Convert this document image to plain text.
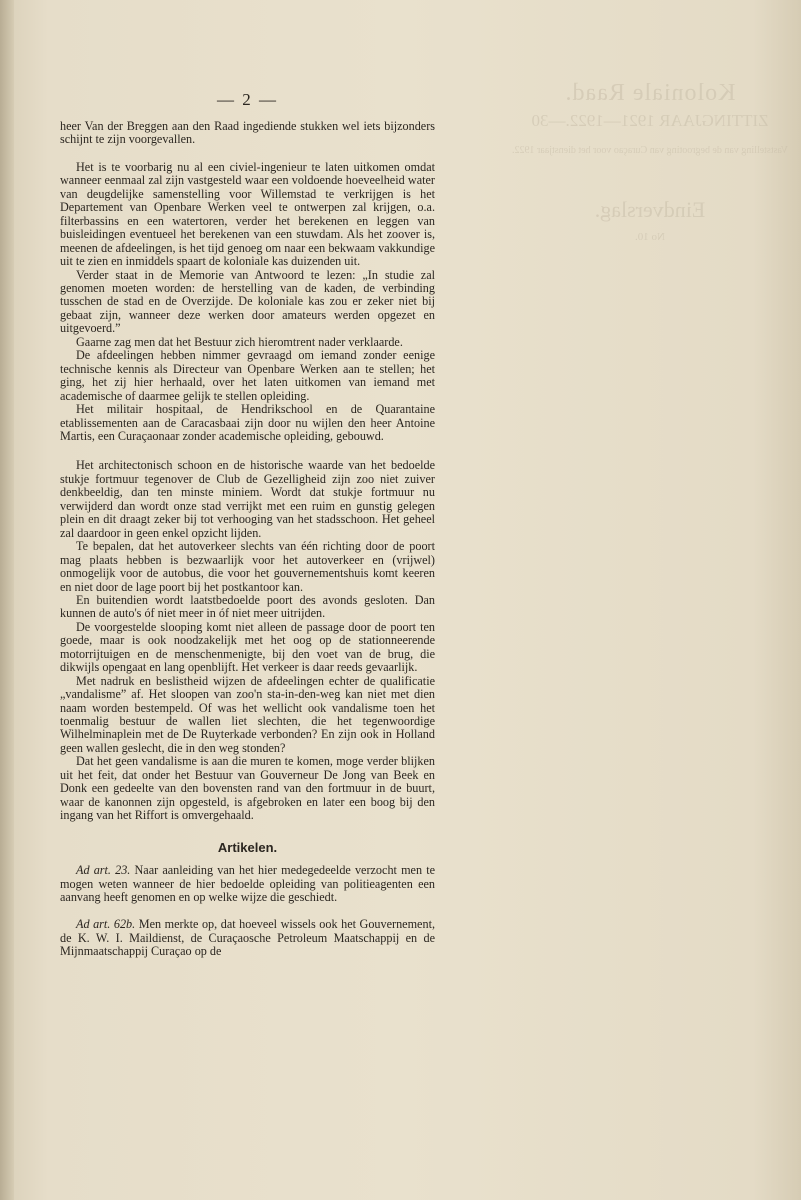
Koloniale Raad.
ZITTINGJAAR 1921—1922.—30
Vaststelling van de begrooting van Curaçao voor het dienstjaar 1922.
Eindverslag.
No 10.
— 2 —

heer Van der Breggen aan den Raad ingediende stukken wel iets bijzonders schijnt te zijn voorgevallen.

Het is te voorbarig nu al een civiel-ingenieur te laten uitkomen omdat wanneer eenmaal zal zijn vastgesteld waar een voldoende hoeveelheid water van deugdelijke samenstelling voor Willemstad te verkrijgen is het Departement van Openbare Werken veel te ontwerpen zal krijgen, o.a. filterbassins en een watertoren, verder het berekenen en leggen van buisleidingen eventueel het berekenen van een stuwdam. Als het zoover is, meenen de afdeelingen, is het tijd genoeg om naar een bekwaam vakkundige uit te zien en inmiddels spaart de koloniale kas duizenden uit.

Verder staat in de Memorie van Antwoord te lezen: „In studie zal genomen moeten worden: de herstelling van de kaden, de verbinding tusschen de stad en de Overzijde. De koloniale kas zou er zeker niet bij gebaat zijn, wanneer deze werken door amateurs werden opgezet en uitgevoerd.”

Gaarne zag men dat het Bestuur zich hieromtrent nader verklaarde.

De afdeelingen hebben nimmer gevraagd om iemand zonder eenige technische kennis als Directeur van Openbare Werken aan te stellen; het ging, het zij hier herhaald, over het laten uitkomen van iemand met academische of daarmee gelijk te stellen opleiding.

Het militair hospitaal, de Hendrikschool en de Quarantaine etablissementen aan de Caracasbaai zijn door nu wijlen den heer Antoine Martis, een Curaçaonaar zonder academische opleiding, gebouwd.

Het architectonisch schoon en de historische waarde van het bedoelde stukje fortmuur tegenover de Club de Gezelligheid zijn zoo niet zuiver denkbeeldig, dan ten minste miniem. Wordt dat stukje fortmuur nu verwijderd dan wordt onze stad verrijkt met een ruim en gunstig gelegen plein en dit draagt zeker bij tot verhooging van het stadsschoon. Het geheel zal daardoor in geen enkel opzicht lijden.

Te bepalen, dat het autoverkeer slechts van één richting door de poort mag plaats hebben is bezwaarlijk voor het autoverkeer en (vrijwel) onmogelijk voor de autobus, die voor het gouvernementshuis komt keeren en niet door de lage poort bij het postkantoor kan.

En buitendien wordt laatstbedoelde poort des avonds gesloten. Dan kunnen de auto's óf niet meer in óf niet meer uitrijden.

De voorgestelde slooping komt niet alleen de passage door de poort ten goede, maar is ook noodzakelijk met het oog op de stationneerende motorrijtuigen en de menschenmenigte, bij den voet van de brug, die dikwijls opengaat en lang openblijft. Het verkeer is daar reeds gevaarlijk.

Met nadruk en beslistheid wijzen de afdeelingen echter de qualificatie „vandalisme” af. Het sloopen van zoo'n sta-in-den-weg kan niet met dien naam worden bestempeld. Of was het wellicht ook vandalisme toen het toenmalig bestuur de wallen liet slechten, die het tegenwoordige Wilhelminaplein met de De Ruyterkade verbonden? En zijn ook in Holland geen wallen geslecht, die in den weg stonden?

Dat het geen vandalisme is aan die muren te komen, moge verder blijken uit het feit, dat onder het Bestuur van Gouverneur De Jong van Beek en Donk een gedeelte van den bovensten rand van den fortmuur in de buurt, waar de kanonnen zijn opgesteld, is afgebroken en later een boog bij den ingang van het Riffort is omvergehaald.

Artikelen.

Ad art. 23. Naar aanleiding van het hier medegedeelde verzocht men te mogen weten wanneer de hier bedoelde opleiding van politieagenten een aanvang heeft genomen en op welke wijze die geschiedt.

Ad art. 62b. Men merkte op, dat hoeveel wissels ook het Gouvernement, de K. W. I. Maildienst, de Curaçaosche Petroleum Maatschappij en de Mijnmaatschappij Curaçao op de
